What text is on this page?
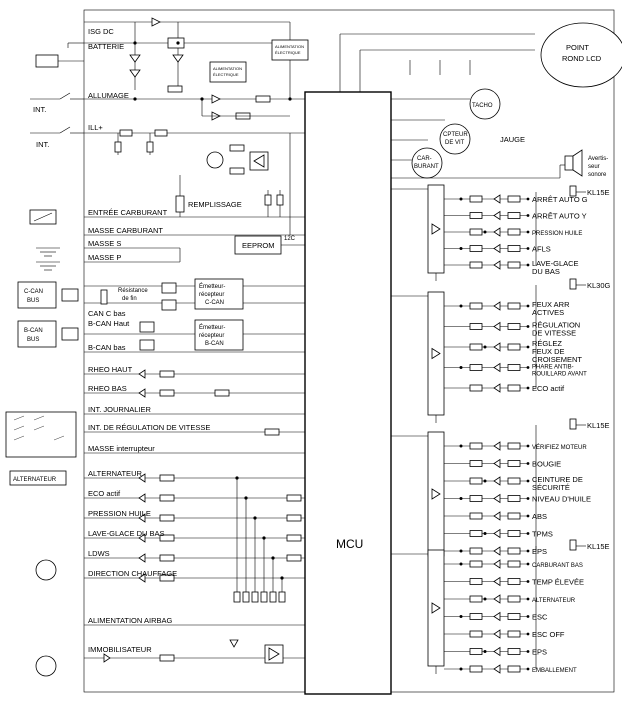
MCU
ALIMENTATION
ÉLECTRIQUE
ALIMENTATION
ÉLECTRIQUE
EEPROM
12C
C-CAN
BUS
B-CAN
BUS
Émetteur-
récepteur
C-CAN
Émetteur-
récepteur
B-CAN
Résistance
de fin
ALTERNATEUR
ISG DC
BATTERIE
INT.
ALLUMAGE
ILL+
INT.
REMPLISSAGE
ENTRÉE CARBURANT
MASSE CARBURANT
MASSE S
MASSE P
CAN C bas
B-CAN Haut
B-CAN bas
RHEO HAUT
RHEO BAS
INT. JOURNALIER
INT. DE RÉGULATION DE VITESSE
MASSE interrupteur
ALTERNATEUR
ECO actif
PRESSION HUILE
LAVE-GLACE DU BAS
LDWS
DIRECTION CHAUFFAGE
ALIMENTATION AIRBAG
IMMOBILISATEUR
POINT
ROND LCD
TACHO
CPTEUR
DE VIT	JAUGE
CAR-
BURANT
Avertis-
seur
sonore
KL15E
ARRÊT AUTO G
ARRÊT AUTO Y
PRESSION HUILE
AFLS
LAVE-GLACE
DU BAS
KL30G
FEUX ARR
ACTIVES
RÉGULATION
DE VITESSE
RÉGLEZ
FEUX DE
CROISEMENT
PHARE ANTIB-
ROUILLARD AVANT
ECO actif
KL15E
VÉRIFIEZ MOTEUR
BOUGIE
CEINTURE DE
SÉCURITÉ
NIVEAU D'HUILE
ABS
TPMS
EPS
KL15E
CARBURANT BAS
TEMP ÉLEVÉE
ALTERNATEUR
ESC
ESC OFF
EPS
EMBALLEMENT
